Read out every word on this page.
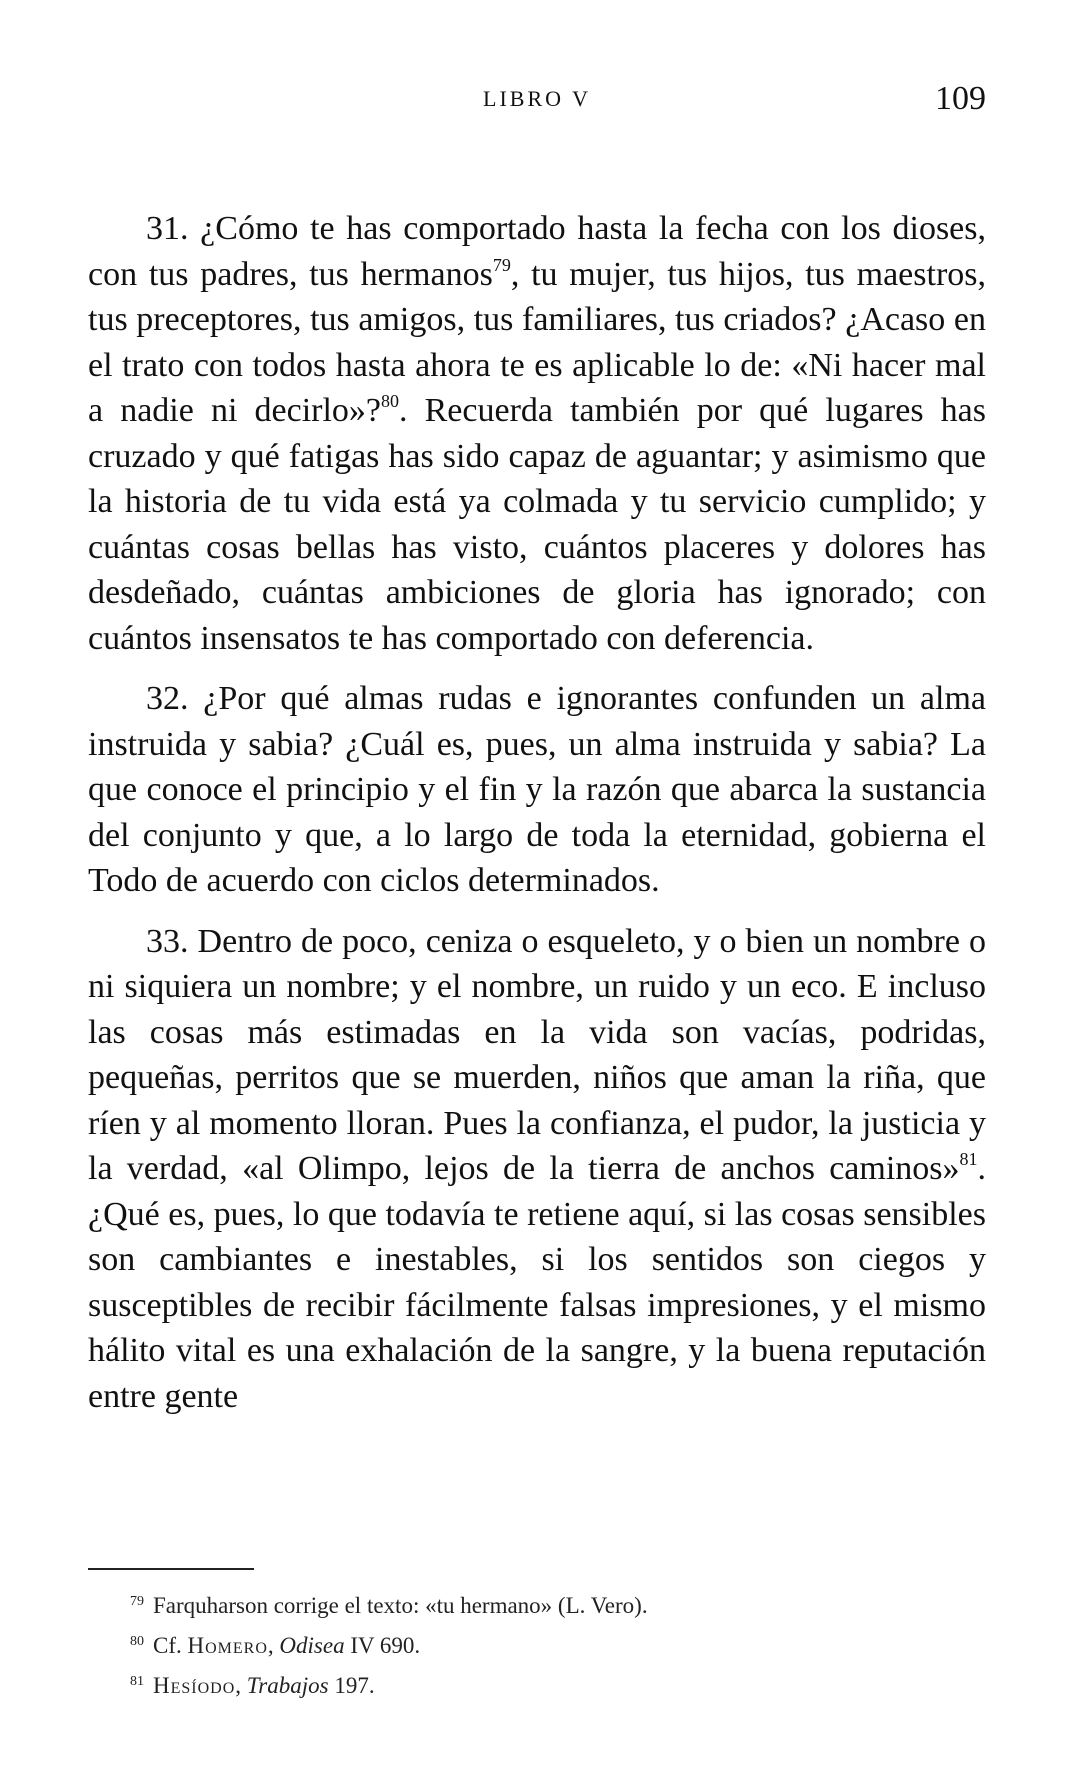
LIBRO V	109

31. ¿Cómo te has comportado hasta la fecha con los dioses, con tus padres, tus hermanos$^{79}$, tu mujer, tus hijos, tus maestros, tus preceptores, tus amigos, tus familiares, tus criados? ¿Acaso en el trato con todos hasta ahora te es aplicable lo de: «Ni hacer mal a nadie ni decirlo»?$^{80}$. Recuerda también por qué lugares has cruzado y qué fatigas has sido capaz de aguantar; y asimismo que la historia de tu vida está ya colmada y tu servicio cumplido; y cuántas cosas bellas has visto, cuántos placeres y dolores has desdeñado, cuántas ambiciones de gloria has ignorado; con cuántos insensatos te has comportado con deferencia.

32. ¿Por qué almas rudas e ignorantes confunden un alma instruida y sabia? ¿Cuál es, pues, un alma instruida y sabia? La que conoce el principio y el fin y la razón que abarca la sustancia del conjunto y que, a lo largo de toda la eternidad, gobierna el Todo de acuerdo con ciclos determinados.

33. Dentro de poco, ceniza o esqueleto, y o bien un nombre o ni siquiera un nombre; y el nombre, un ruido y un eco. E incluso las cosas más estimadas en la vida son vacías, podridas, pequeñas, perritos que se muerden, niños que aman la riña, que ríen y al momento lloran. Pues la confianza, el pudor, la justicia y la verdad, «al Olimpo, lejos de la tierra de anchos caminos»$^{81}$. ¿Qué es, pues, lo que todavía te retiene aquí, si las cosas sensibles son cambiantes e inestables, si los sentidos son ciegos y susceptibles de recibir fácilmente falsas impresiones, y el mismo hálito vital es una exhalación de la sangre, y la buena reputación entre gente

$^{79}$ Farquharson corrige el texto: «tu hermano» (L. Vero).

$^{80}$ Cf. Homero, Odisea IV 690.

$^{81}$ Hesíodo, Trabajos 197.
